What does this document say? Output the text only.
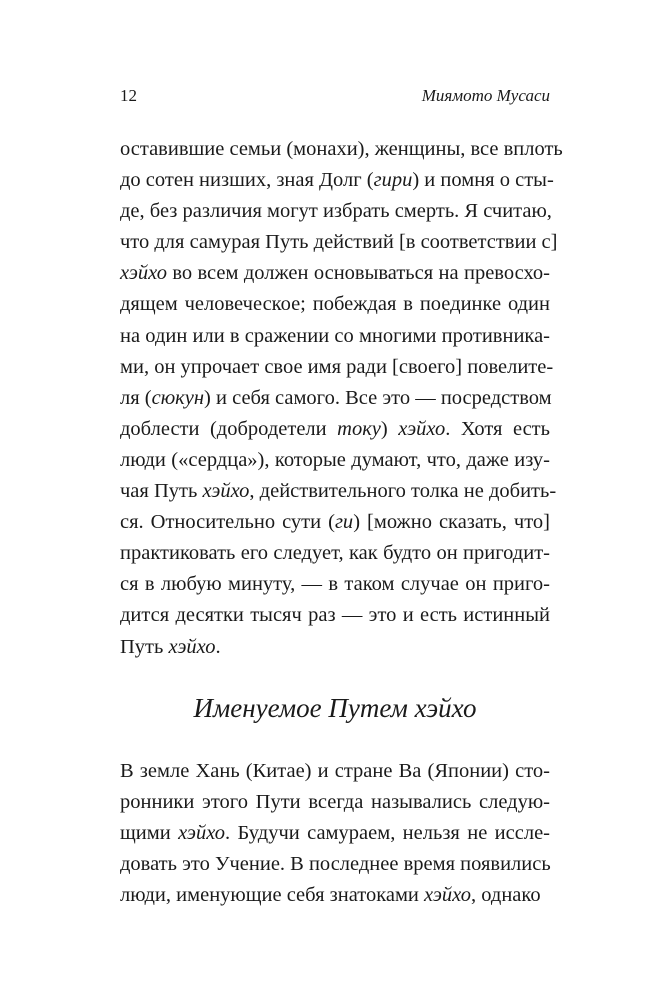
12	Миямото Мусаси
оставившие семьи (монахи), женщины, все вплоть
до сотен низших, зная Долг (гири) и помня о сты-
де, без различия могут избрать смерть. Я считаю,
что для самурая Путь действий [в соответствии с]
хэйхо во всем должен основываться на превосхо-
дящем человеческое; побеждая в поединке один
на один или в сражении со многими противника-
ми, он упрочает свое имя ради [своего] повелите-
ля (сюкун) и себя самого. Все это — посредством
доблести (добродетели току) хэйхо. Хотя есть
люди («сердца»), которые думают, что, даже изу-
чая Путь хэйхо, действительного толка не добить-
ся. Относительно сути (ги) [можно сказать, что]
практиковать его следует, как будто он пригодит-
ся в любую минуту, — в таком случае он приго-
дится десятки тысяч раз — это и есть истинный
Путь хэйхо.
Именуемое Путем хэйхо
В земле Хань (Китае) и стране Ва (Японии) сто-
ронники этого Пути всегда назывались следую-
щими хэйхо. Будучи самураем, нельзя не иссле-
довать это Учение. В последнее время появились
люди, именующие себя знатоками хэйхо, однако
